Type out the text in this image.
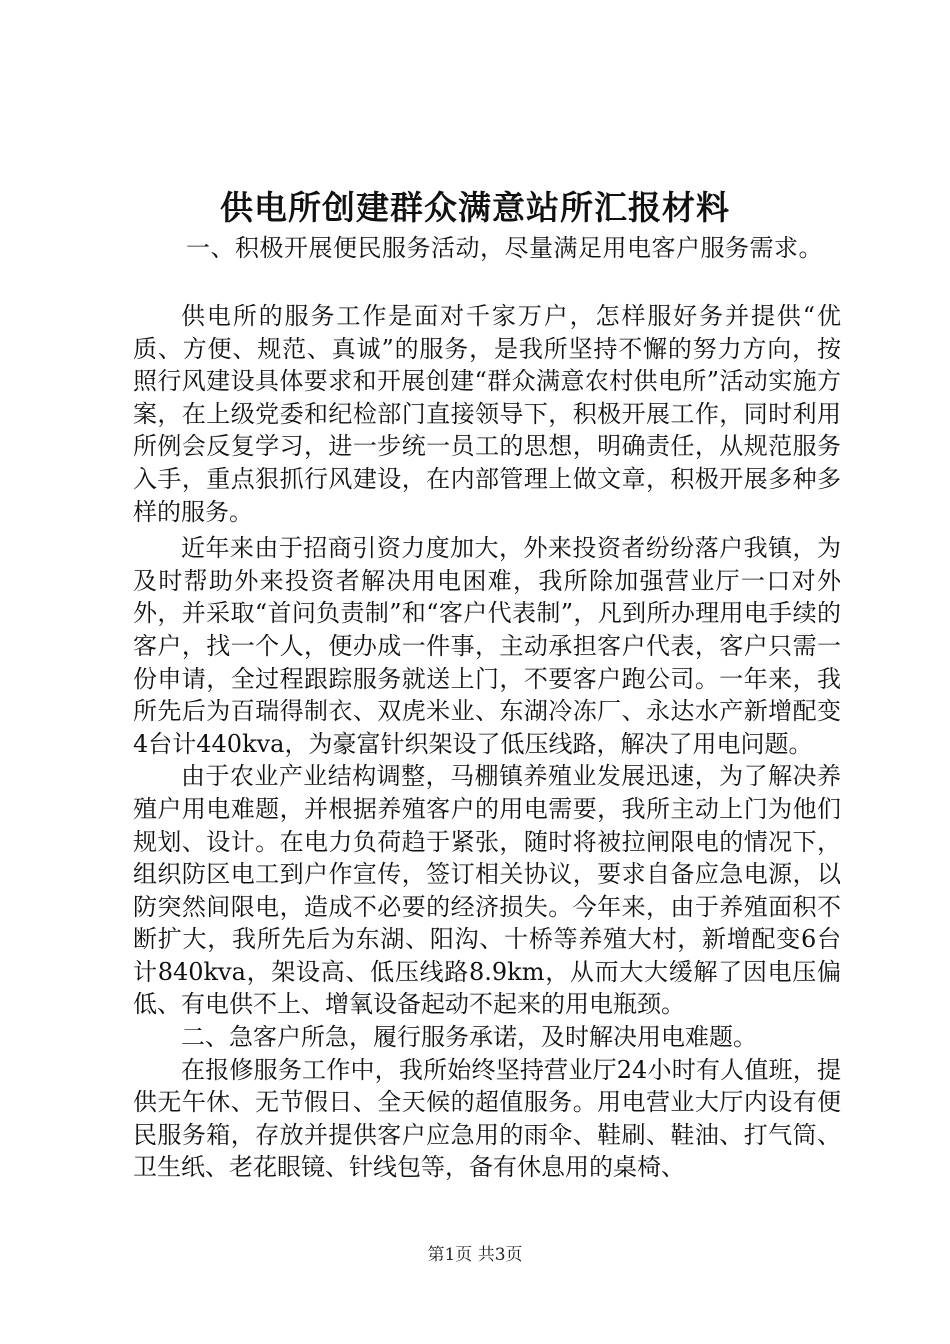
供电所创建群众满意站所汇报材料

一、积极开展便民服务活动，尽量满足用电客户服务需求。

供电所的服务工作是面对千家万户，怎样服好务并提供“优质、方便、规范、真诚”的服务，是我所坚持不懈的努力方向，按照行风建设具体要求和开展创建“群众满意农村供电所”活动实施方案，在上级党委和纪检部门直接领导下，积极开展工作，同时利用所例会反复学习，进一步统一员工的思想，明确责任，从规范服务入手，重点狠抓行风建设，在内部管理上做文章，积极开展多种多样的服务。

近年来由于招商引资力度加大，外来投资者纷纷落户我镇，为及时帮助外来投资者解决用电困难，我所除加强营业厅一口对外外，并采取“首问负责制”和“客户代表制”，凡到所办理用电手续的客户，找一个人，便办成一件事，主动承担客户代表，客户只需一份申请，全过程跟踪服务就送上门，不要客户跑公司。一年来，我所先后为百瑞得制衣、双虎米业、东湖冷冻厂、永达水产新增配变4台计440kva，为豪富针织架设了低压线路，解决了用电问题。

由于农业产业结构调整，马棚镇养殖业发展迅速，为了解决养殖户用电难题，并根据养殖客户的用电需要，我所主动上门为他们规划、设计。在电力负荷趋于紧张，随时将被拉闸限电的情况下，组织防区电工到户作宣传，签订相关协议，要求自备应急电源，以防突然间限电，造成不必要的经济损失。今年来，由于养殖面积不断扩大，我所先后为东湖、阳沟、十桥等养殖大村，新增配变6台计840kva，架设高、低压线路8.9km，从而大大缓解了因电压偏低、有电供不上、增氧设备起动不起来的用电瓶颈。

二、急客户所急，履行服务承诺，及时解决用电难题。

在报修服务工作中，我所始终坚持营业厅24小时有人值班，提供无午休、无节假日、全天候的超值服务。用电营业大厅内设有便民服务箱，存放并提供客户应急用的雨伞、鞋刷、鞋油、打气筒、卫生纸、老花眼镜、针线包等，备有休息用的桌椅、

第1页 共3页
